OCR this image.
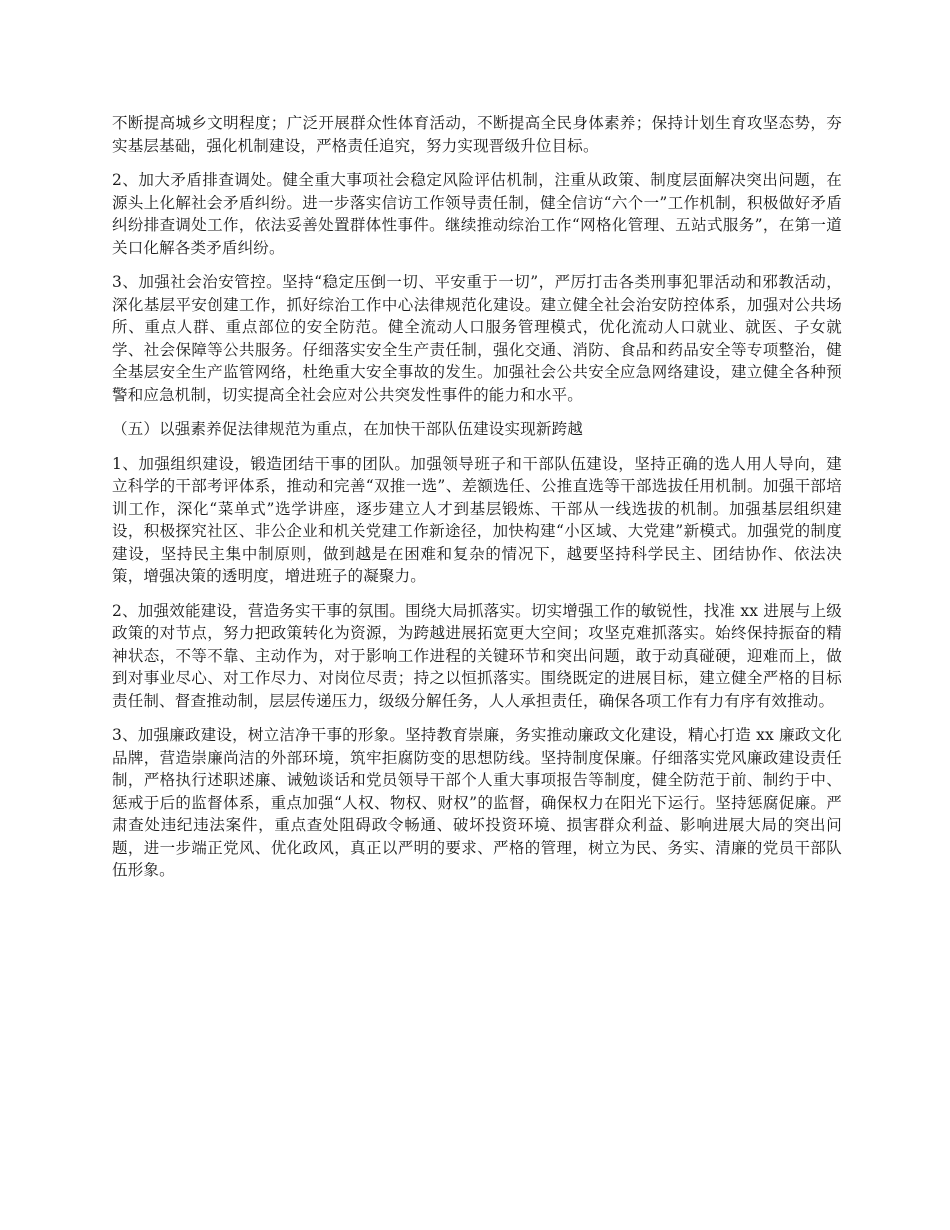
不断提高城乡文明程度；广泛开展群众性体育活动，不断提高全民身体素养；保持计划生育攻坚态势，夯实基层基础，强化机制建设，严格责任追究，努力实现晋级升位目标。

2、加大矛盾排查调处。健全重大事项社会稳定风险评估机制，注重从政策、制度层面解决突出问题，在源头上化解社会矛盾纠纷。进一步落实信访工作领导责任制，健全信访“六个一”工作机制，积极做好矛盾纠纷排查调处工作，依法妥善处置群体性事件。继续推动综治工作“网格化管理、五站式服务”，在第一道关口化解各类矛盾纠纷。

3、加强社会治安管控。坚持“稳定压倒一切、平安重于一切”，严厉打击各类刑事犯罪活动和邪教活动，深化基层平安创建工作，抓好综治工作中心法律规范化建设。建立健全社会治安防控体系，加强对公共场所、重点人群、重点部位的安全防范。健全流动人口服务管理模式，优化流动人口就业、就医、子女就学、社会保障等公共服务。仔细落实安全生产责任制，强化交通、消防、食品和药品安全等专项整治，健全基层安全生产监管网络，杜绝重大安全事故的发生。加强社会公共安全应急网络建设，建立健全各种预警和应急机制，切实提高全社会应对公共突发性事件的能力和水平。

（五）以强素养促法律规范为重点，在加快干部队伍建设实现新跨越

1、加强组织建设，锻造团结干事的团队。加强领导班子和干部队伍建设，坚持正确的选人用人导向，建立科学的干部考评体系，推动和完善“双推一选”、差额选任、公推直选等干部选拔任用机制。加强干部培训工作，深化“菜单式”选学讲座，逐步建立人才到基层锻炼、干部从一线选拔的机制。加强基层组织建设，积极探究社区、非公企业和机关党建工作新途径，加快构建“小区域、大党建”新模式。加强党的制度建设，坚持民主集中制原则，做到越是在困难和复杂的情况下，越要坚持科学民主、团结协作、依法决策，增强决策的透明度，增进班子的凝聚力。

2、加强效能建设，营造务实干事的氛围。围绕大局抓落实。切实增强工作的敏锐性，找准 xx 进展与上级政策的对节点，努力把政策转化为资源，为跨越进展拓宽更大空间；攻坚克难抓落实。始终保持振奋的精神状态，不等不靠、主动作为，对于影响工作进程的关键环节和突出问题，敢于动真碰硬，迎难而上，做到对事业尽心、对工作尽力、对岗位尽责；持之以恒抓落实。围绕既定的进展目标，建立健全严格的目标责任制、督查推动制，层层传递压力，级级分解任务，人人承担责任，确保各项工作有力有序有效推动。

3、加强廉政建设，树立洁净干事的形象。坚持教育崇廉，务实推动廉政文化建设，精心打造 xx 廉政文化品牌，营造崇廉尚洁的外部环境，筑牢拒腐防变的思想防线。坚持制度保廉。仔细落实党风廉政建设责任制，严格执行述职述廉、诫勉谈话和党员领导干部个人重大事项报告等制度，健全防范于前、制约于中、惩戒于后的监督体系，重点加强“人权、物权、财权”的监督，确保权力在阳光下运行。坚持惩腐促廉。严肃查处违纪违法案件，重点查处阻碍政令畅通、破坏投资环境、损害群众利益、影响进展大局的突出问题，进一步端正党风、优化政风，真正以严明的要求、严格的管理，树立为民、务实、清廉的党员干部队伍形象。
